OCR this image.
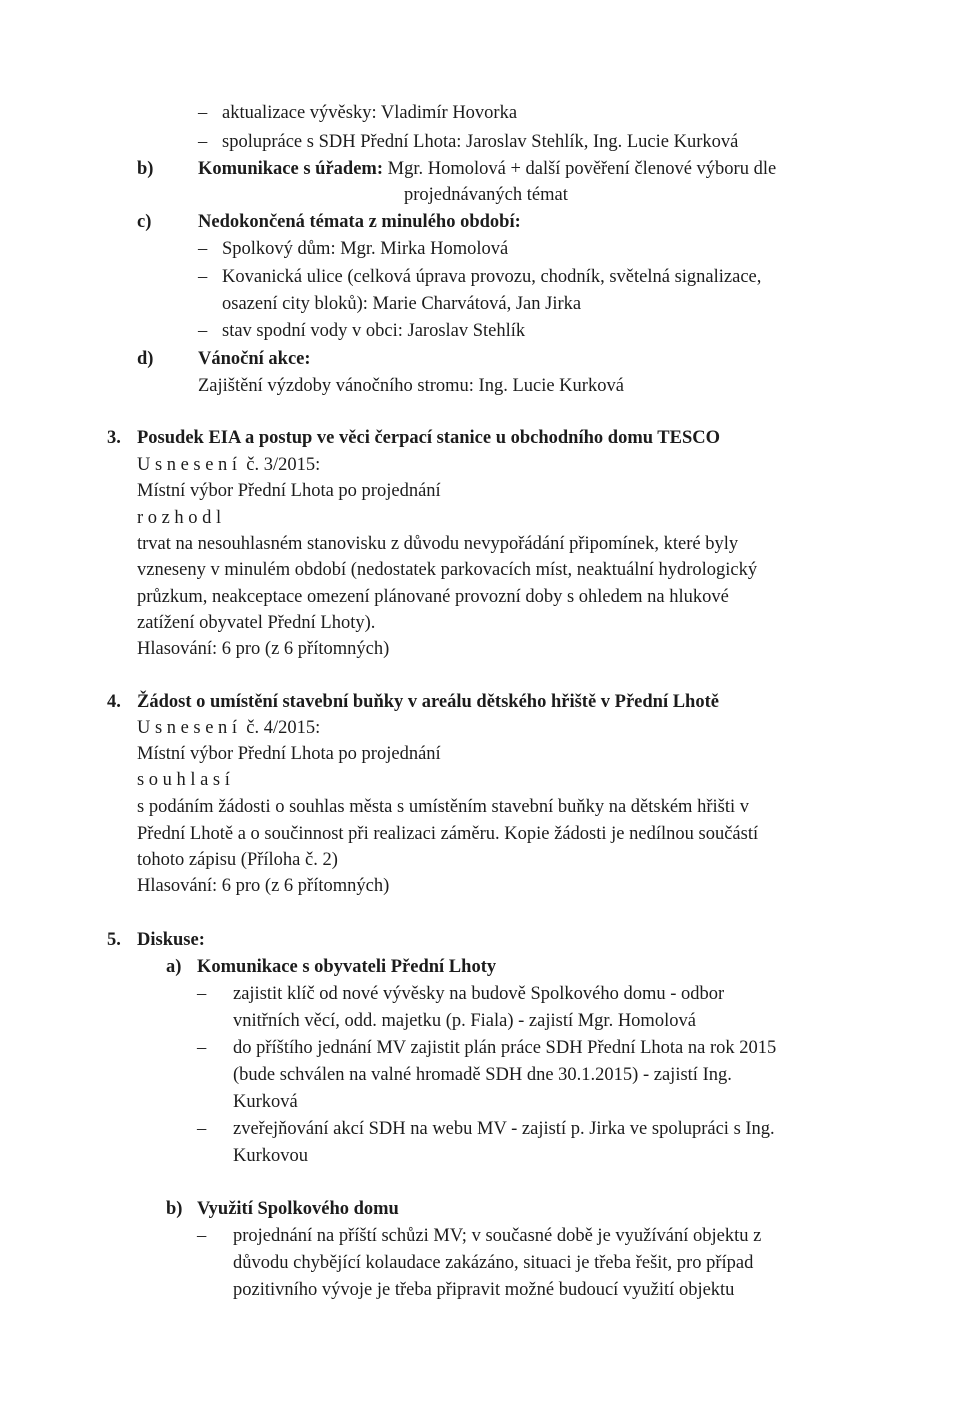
– aktualizace vývěsky: Vladimír Hovorka
– spolupráce s SDH Přední Lhota: Jaroslav Stehlík, Ing. Lucie Kurková
b) Komunikace s úřadem: Mgr. Homolová + další pověření členové výboru dle
projednávaných témat
c)	Nedokončená témata z minulého období:
– Spolkový dům: Mgr. Mirka Homolová
– Kovanická ulice (celková úprava provozu, chodník, světelná signalizace,
osazení city bloků): Marie Charvátová, Jan Jirka
– stav spodní vody v obci: Jaroslav Stehlík
d) Vánoční akce:
Zajištění výzdoby vánočního stromu: Ing. Lucie Kurková
3. Posudek EIA a postup ve věci čerpací stanice u obchodního domu TESCO
Usnesení č. 3/2015:
Místní výbor Přední Lhota po projednání
rozhodl
trvat na nesouhlasném stanovisku z důvodu nevypořádání připomínek, které byly
vzneseny v minulém období (nedostatek parkovacích míst, neaktuální hydrologický
průzkum, neakceptace omezení plánované provozní doby s ohledem na hlukové
zatížení obyvatel Přední Lhoty).
Hlasování: 6 pro (z 6 přítomných)
4. Žádost o umístění stavební buňky v areálu dětského hřiště v Přední Lhotě
Usnesení č. 4/2015:
Místní výbor Přední Lhota po projednání
souhlasí
s podáním žádosti o souhlas města s umístěním stavební buňky na dětském hřišti v
Přední Lhotě a o součinnost při realizaci záměru. Kopie žádosti je nedílnou součástí
tohoto zápisu (Příloha č. 2)
Hlasování: 6 pro (z 6 přítomných)
5. Diskuse:
a) Komunikace s obyvateli Přední Lhoty
– zajistit klíč od nové vývěsky na budově Spolkového domu - odbor
vnitřních věcí, odd. majetku (p. Fiala) - zajistí Mgr. Homolová
– do příštího jednání MV zajistit plán práce SDH Přední Lhota na rok 2015
(bude schválen na valné hromadě SDH dne 30.1.2015) - zajistí Ing.
Kurková
– zveřejňování akcí SDH na webu MV - zajistí p. Jirka ve spolupráci s Ing.
Kurkovou
b) Využití Spolkového domu
– projednání na příští schůzi MV; v současné době je využívání objektu z
důvodu chybějící kolaudace zakázáno, situaci je třeba řešit, pro případ
pozitivního vývoje je třeba připravit možné budoucí využití objektu
